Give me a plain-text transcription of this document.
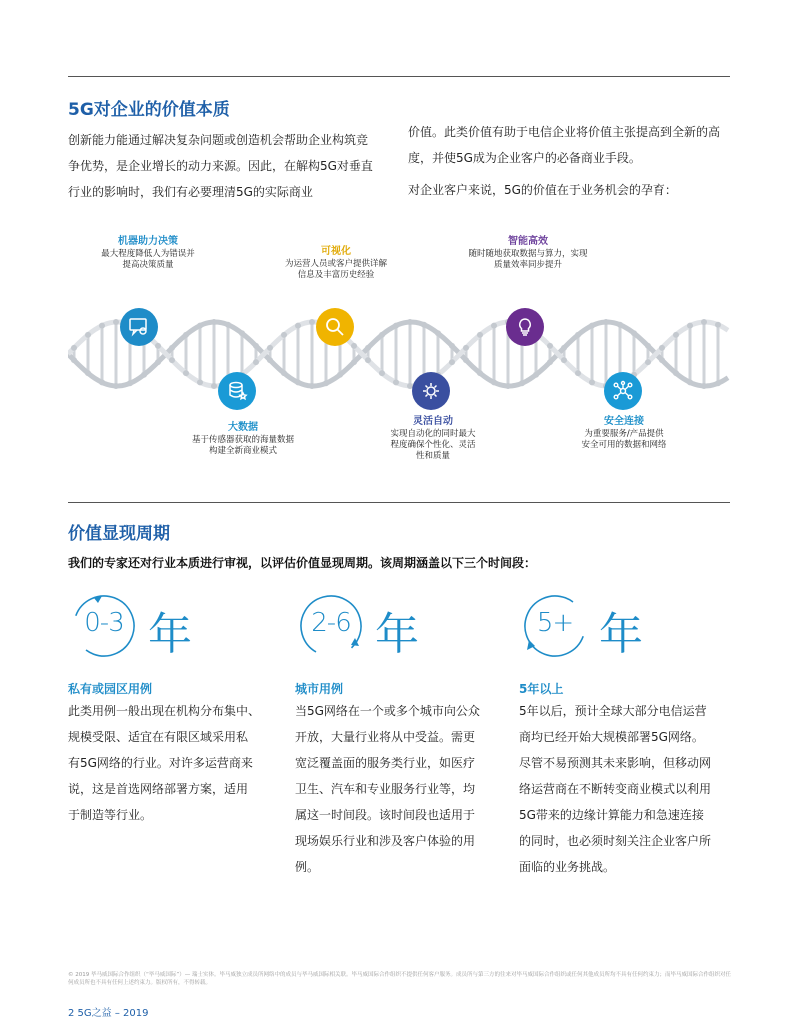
5G对企业的价值本质
创新能力能通过解决复杂问题或创造机会帮助企业构筑竞争优势，是企业增长的动力来源。因此，在解构5G对垂直行业的影响时，我们有必要理清5G的实际商业
价值。此类价值有助于电信企业将价值主张提高到全新的高度，并使5G成为企业客户的必备商业手段。
对企业客户来说，5G的价值在于业务机会的孕育：
机器助力决策
最大程度降低人为错误并
提高决策质量
可视化
为运营人员或客户提供详解
信息及丰富历史经验
智能高效
随时随地获取数据与算力，实现
质量效率同步提升
大数据
基于传感器获取的海量数据
构建全新商业模式
灵活自动
实现自动化的同时最大
程度确保个性化、灵活
性和质量
安全连接
为重要服务/产品提供
安全可用的数据和网络
价值显现周期
我们的专家还对行业本质进行审视，以评估价值显现周期。该周期涵盖以下三个时间段：
0-3 年	2-6 年	5+ 年
私有或园区用例	城市用例	5年以上
此类用例一般出现在机构分布集中、
规模受限、适宜在有限区域采用私
有5G网络的行业。对许多运营商来
说，这是首选网络部署方案，适用
于制造等行业。
当5G网络在一个或多个城市向公众
开放，大量行业将从中受益。需更
宽泛覆盖面的服务类行业，如医疗
卫生、汽车和专业服务行业等，均
属这一时间段。该时间段也适用于
现场娱乐行业和涉及客户体验的用
例。
5年以后，预计全球大部分电信运营
商均已经开始大规模部署5G网络。
尽管不易预测其未来影响，但移动网
络运营商在不断转变商业模式以利用
5G带来的边缘计算能力和急速连接
的同时，也必须时刻关注企业客户所
面临的业务挑战。
© 2019 毕马威国际合作组织（“毕马威国际”）— 瑞士实体。毕马威独立成员所网络中的成员与毕马威国际相关联。毕马威国际合作组织不提供任何客户服务。成员所与第三方的往来对毕马威国际合作组织或任何其他成员所均不具有任何约束力；而毕马威国际合作组织对任何成员所也不具有任何上述约束力。版权所有，不得转载。
2 5G之益 – 2019
